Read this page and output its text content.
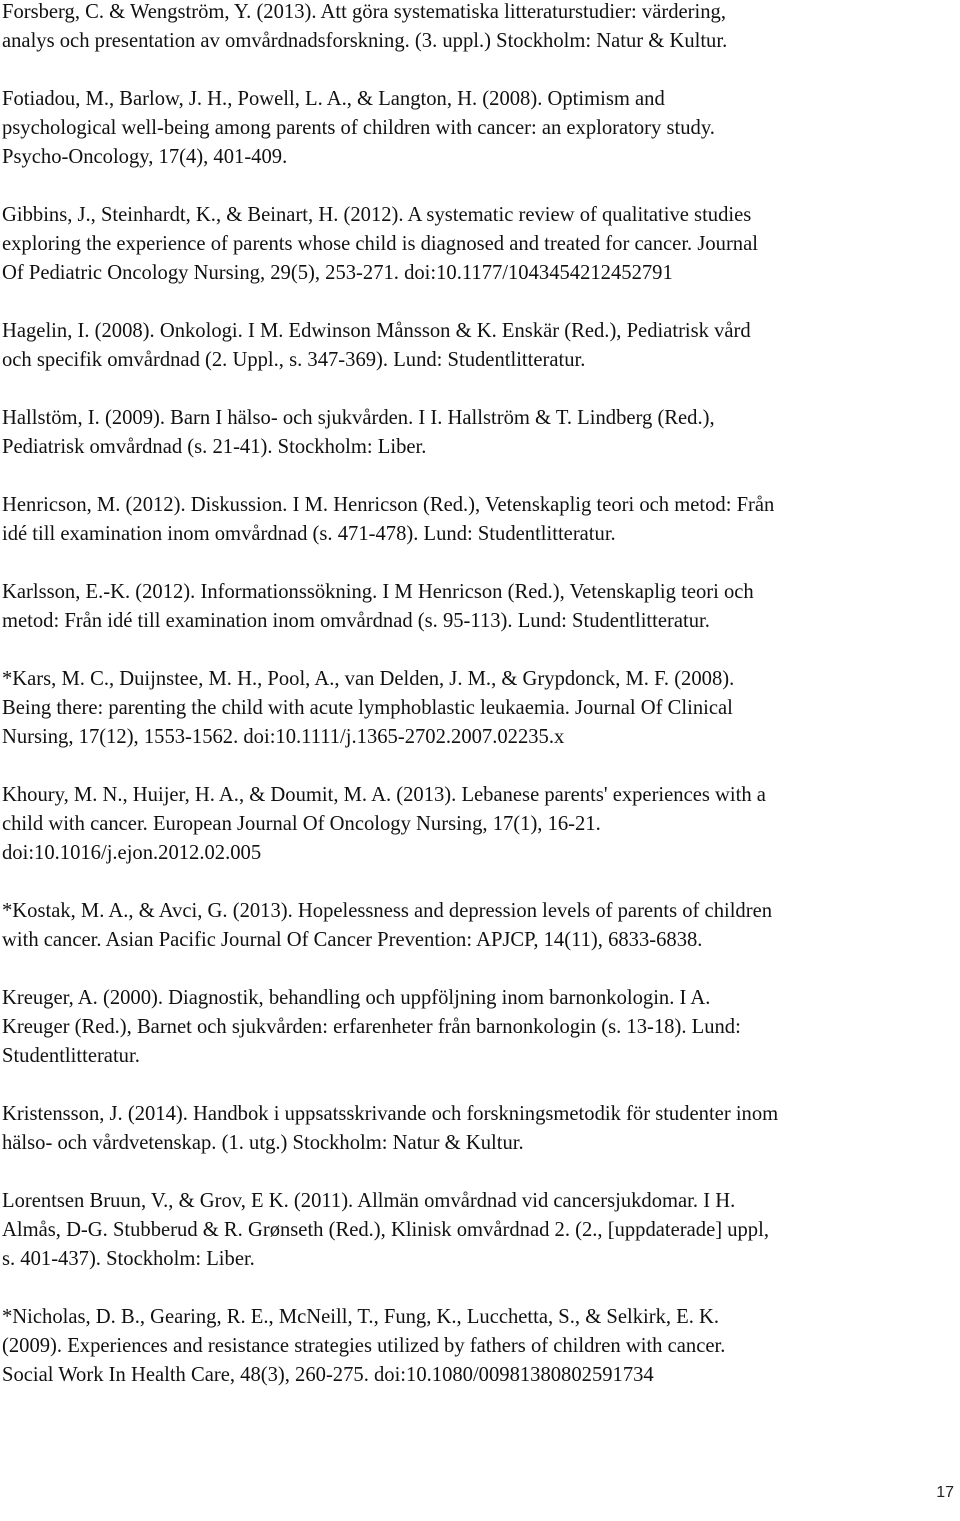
Forsberg, C. & Wengström, Y. (2013). Att göra systematiska litteraturstudier: värdering,
analys och presentation av omvårdnadsforskning. (3. uppl.) Stockholm: Natur & Kultur.
Fotiadou, M., Barlow, J. H., Powell, L. A., & Langton, H. (2008). Optimism and
psychological well-being among parents of children with cancer: an exploratory study.
Psycho-Oncology, 17(4), 401-409.
Gibbins, J., Steinhardt, K., & Beinart, H. (2012). A systematic review of qualitative studies
exploring the experience of parents whose child is diagnosed and treated for cancer. Journal
Of Pediatric Oncology Nursing, 29(5), 253-271. doi:10.1177/1043454212452791
Hagelin, I. (2008). Onkologi. I M. Edwinson Månsson & K. Enskär (Red.), Pediatrisk vård
och specifik omvårdnad (2. Uppl., s. 347-369). Lund: Studentlitteratur.
Hallstöm, I. (2009). Barn I hälso- och sjukvården. I I. Hallström & T. Lindberg (Red.),
Pediatrisk omvårdnad (s. 21-41). Stockholm: Liber.
Henricson, M. (2012). Diskussion. I M. Henricson (Red.), Vetenskaplig teori och metod: Från
idé till examination inom omvårdnad (s. 471-478). Lund: Studentlitteratur.
Karlsson, E.-K. (2012). Informationssökning. I M Henricson (Red.), Vetenskaplig teori och
metod: Från idé till examination inom omvårdnad (s. 95-113). Lund: Studentlitteratur.
*Kars, M. C., Duijnstee, M. H., Pool, A., van Delden, J. M., & Grypdonck, M. F. (2008).
Being there: parenting the child with acute lymphoblastic leukaemia. Journal Of Clinical
Nursing, 17(12), 1553-1562. doi:10.1111/j.1365-2702.2007.02235.x
Khoury, M. N., Huijer, H. A., & Doumit, M. A. (2013). Lebanese parents' experiences with a
child with cancer. European Journal Of Oncology Nursing, 17(1), 16-21.
doi:10.1016/j.ejon.2012.02.005
*Kostak, M. A., & Avci, G. (2013). Hopelessness and depression levels of parents of children
with cancer. Asian Pacific Journal Of Cancer Prevention: APJCP, 14(11), 6833-6838.
Kreuger, A. (2000). Diagnostik, behandling och uppföljning inom barnonkologin. I A.
Kreuger (Red.), Barnet och sjukvården: erfarenheter från barnonkologin (s. 13-18). Lund:
Studentlitteratur.
Kristensson, J. (2014). Handbok i uppsatsskrivande och forskningsmetodik för studenter inom
hälso- och vårdvetenskap. (1. utg.) Stockholm: Natur & Kultur.
Lorentsen Bruun, V., & Grov, E K. (2011). Allmän omvårdnad vid cancersjukdomar. I H.
Almås, D-G. Stubberud & R. Grønseth (Red.), Klinisk omvårdnad 2. (2., [uppdaterade] uppl,
s. 401-437). Stockholm: Liber.
*Nicholas, D. B., Gearing, R. E., McNeill, T., Fung, K., Lucchetta, S., & Selkirk, E. K.
(2009). Experiences and resistance strategies utilized by fathers of children with cancer.
Social Work In Health Care, 48(3), 260-275. doi:10.1080/00981380802591734
17
